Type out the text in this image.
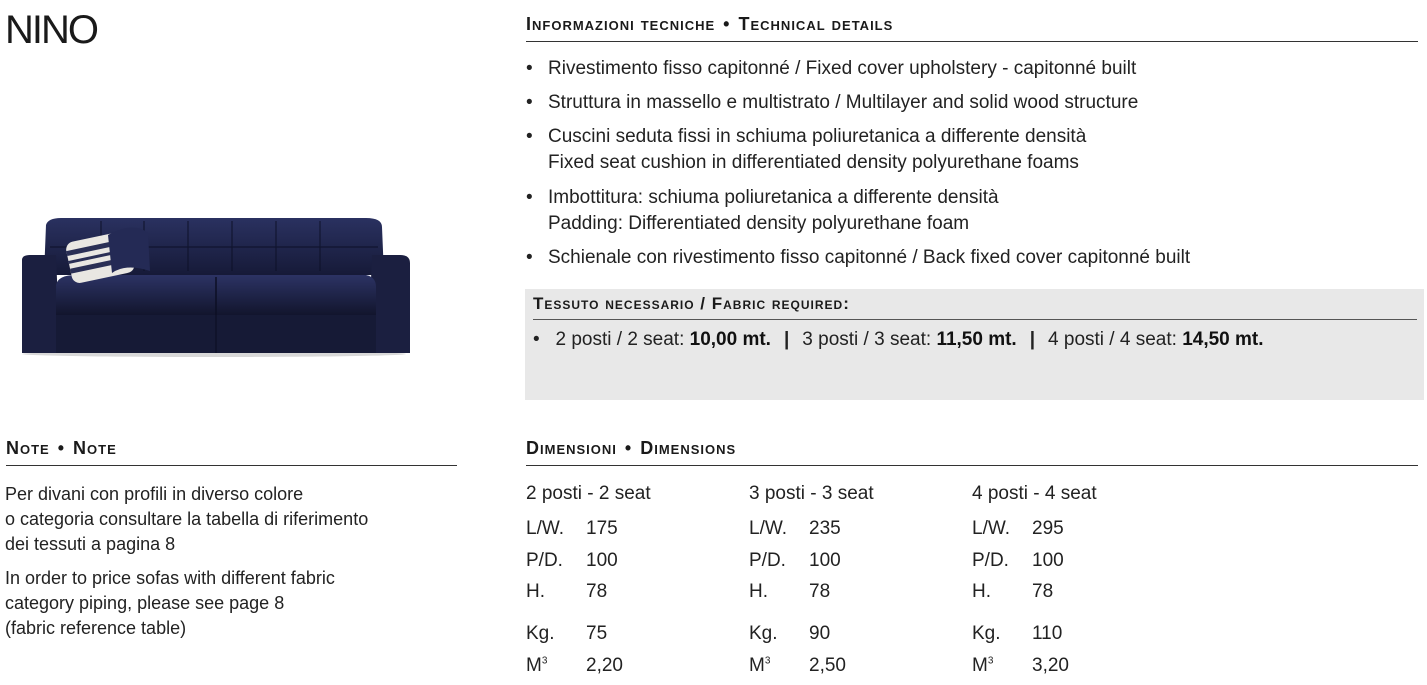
NINO	Informazioni tecniche • Technical details
• Rivestimento fisso capitonné / Fixed cover upholstery - capitonné built
• Struttura in massello e multistrato / Multilayer and solid wood structure
• Cuscini seduta fissi in schiuma poliuretanica a differente densità
Fixed seat cushion in differentiated density polyurethane foams
• Imbottitura: schiuma poliuretanica a differente densità
Padding: Differentiated density polyurethane foam
• Schienale con rivestimento fisso capitonné / Back fixed cover capitonné built
Tessuto necessario / Fabric required:
• 2 posti / 2 seat: 10,00 mt. | 3 posti / 3 seat: 11,50 mt. | 4 posti / 4 seat: 14,50 mt.
Note • Note
Per divani con profili in diverso colore
o categoria consultare la tabella di riferimento
dei tessuti a pagina 8
In order to price sofas with different fabric
category piping, please see page 8
(fabric reference table)
Dimensioni • Dimensions
2 posti - 2 seat
L/W. 175
P/D. 100
H. 78
Kg. 75
$M^3$ 2,20
3 posti - 3 seat
L/W. 235
P/D. 100
H. 78
Kg. 90
$M^3$ 2,50
4 posti - 4 seat
L/W. 295
P/D. 100
H. 78
Kg. 110
$M^3$ 3,20
